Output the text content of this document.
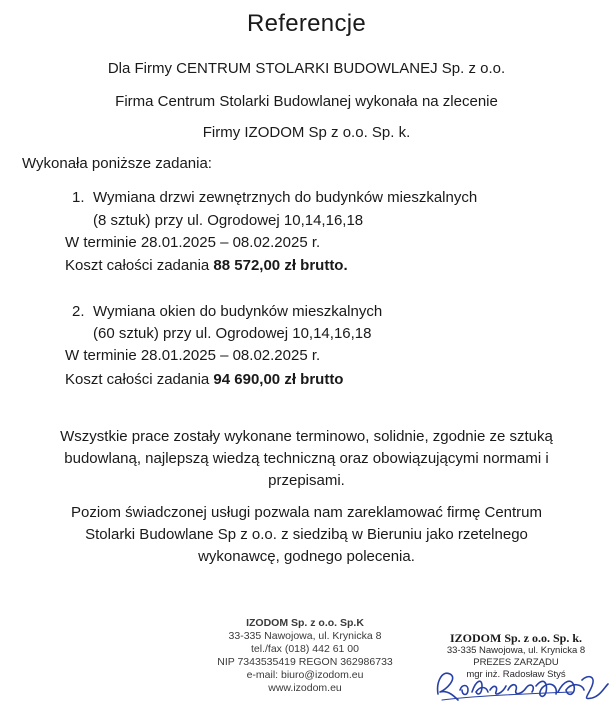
Referencje
Dla Firmy CENTRUM STOLARKI BUDOWLANEJ Sp. z o.o.
Firma Centrum Stolarki Budowlanej wykonała na zlecenie
Firmy IZODOM Sp z o.o. Sp. k.
Wykonała poniższe zadania:
1. Wymiana drzwi zewnętrznych do budynków mieszkalnych
(8 sztuk) przy ul. Ogrodowej 10,14,16,18
W terminie 28.01.2025 – 08.02.2025 r.
Koszt całości zadania 88 572,00 zł brutto.
2. Wymiana okien do budynków mieszkalnych
(60 sztuk) przy ul. Ogrodowej 10,14,16,18
W terminie 28.01.2025 – 08.02.2025 r.
Koszt całości zadania 94 690,00 zł brutto
Wszystkie prace zostały wykonane terminowo, solidnie, zgodnie ze sztuką
budowlaną, najlepszą wiedzą techniczną oraz obowiązującymi normami i
przepisami.
Poziom świadczonej usługi pozwala nam zareklamować firmę Centrum
Stolarki Budowlane Sp z o.o. z siedzibą w Bieruniu jako rzetelnego
wykonawcę, godnego polecenia.
IZODOM Sp. z o.o. Sp.K
33-335 Nawojowa, ul. Krynicka 8
tel./fax (018) 442 61 00
NIP 7343535419 REGON 362986733
e-mail: biuro@izodom.eu
www.izodom.eu
IZODOM Sp. z o.o. Sp. k.
33-335 Nawojowa, ul. Krynicka 8
PREZES ZARZĄDU
mgr inż. Radosław Styś
